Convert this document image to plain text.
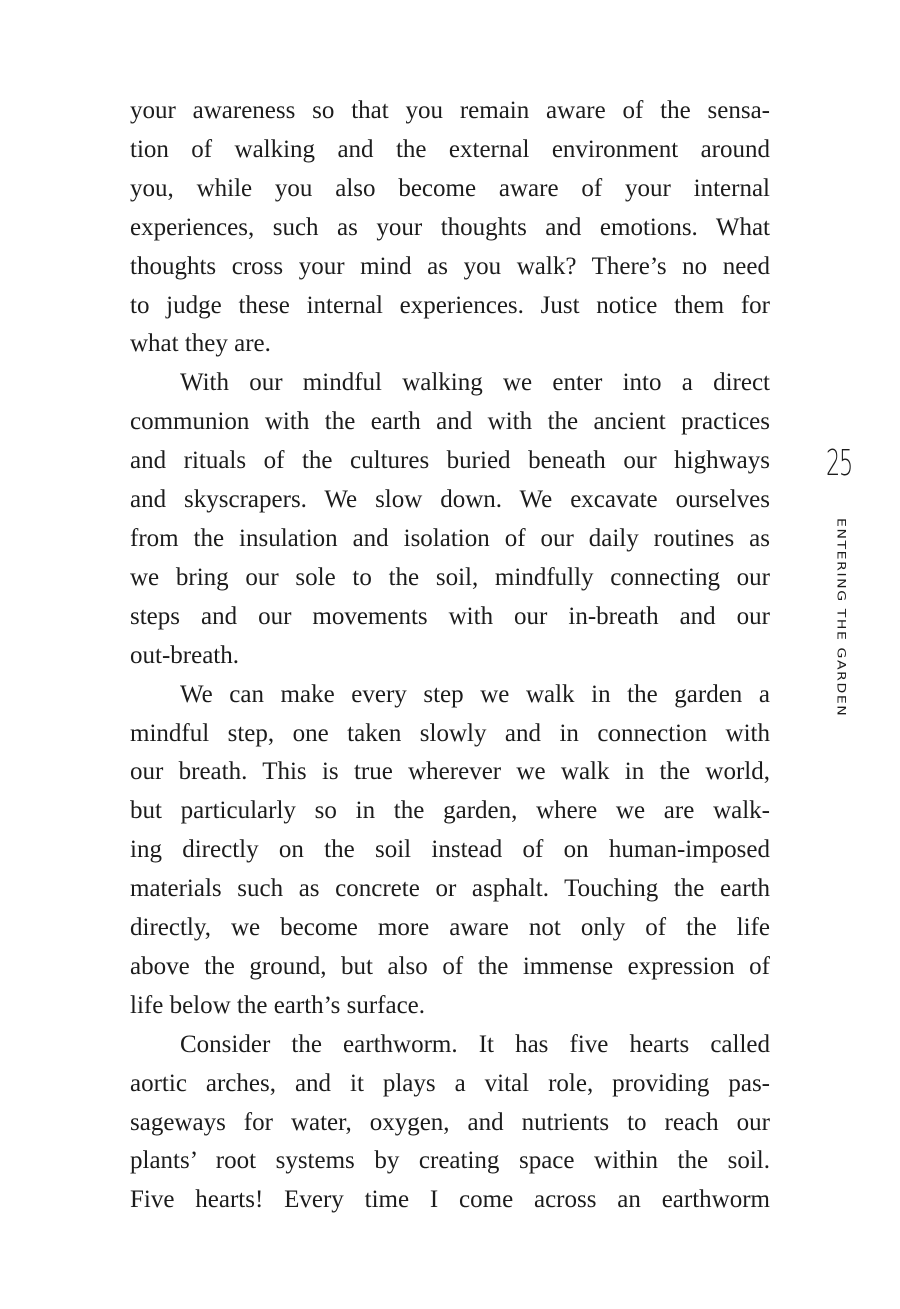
your awareness so that you remain aware of the sensa-
tion of walking and the external environment around
you, while you also become aware of your internal
experiences, such as your thoughts and emotions. What
thoughts cross your mind as you walk? There’s no need
to judge these internal experiences. Just notice them for
what they are.

With our mindful walking we enter into a direct
communion with the earth and with the ancient practices
and rituals of the cultures buried beneath our highways
and skyscrapers. We slow down. We excavate ourselves
from the insulation and isolation of our daily routines as
we bring our sole to the soil, mindfully connecting our
steps and our movements with our in-breath and our
out-breath.

We can make every step we walk in the garden a
mindful step, one taken slowly and in connection with
our breath. This is true wherever we walk in the world,
but particularly so in the garden, where we are walk-
ing directly on the soil instead of on human-imposed
materials such as concrete or asphalt. Touching the earth
directly, we become more aware not only of the life
above the ground, but also of the immense expression of
life below the earth’s surface.

Consider the earthworm. It has five hearts called
aortic arches, and it plays a vital role, providing pas-
sageways for water, oxygen, and nutrients to reach our
plants’ root systems by creating space within the soil.
Five hearts! Every time I come across an earthworm

25
ENTERING THE GARDEN
